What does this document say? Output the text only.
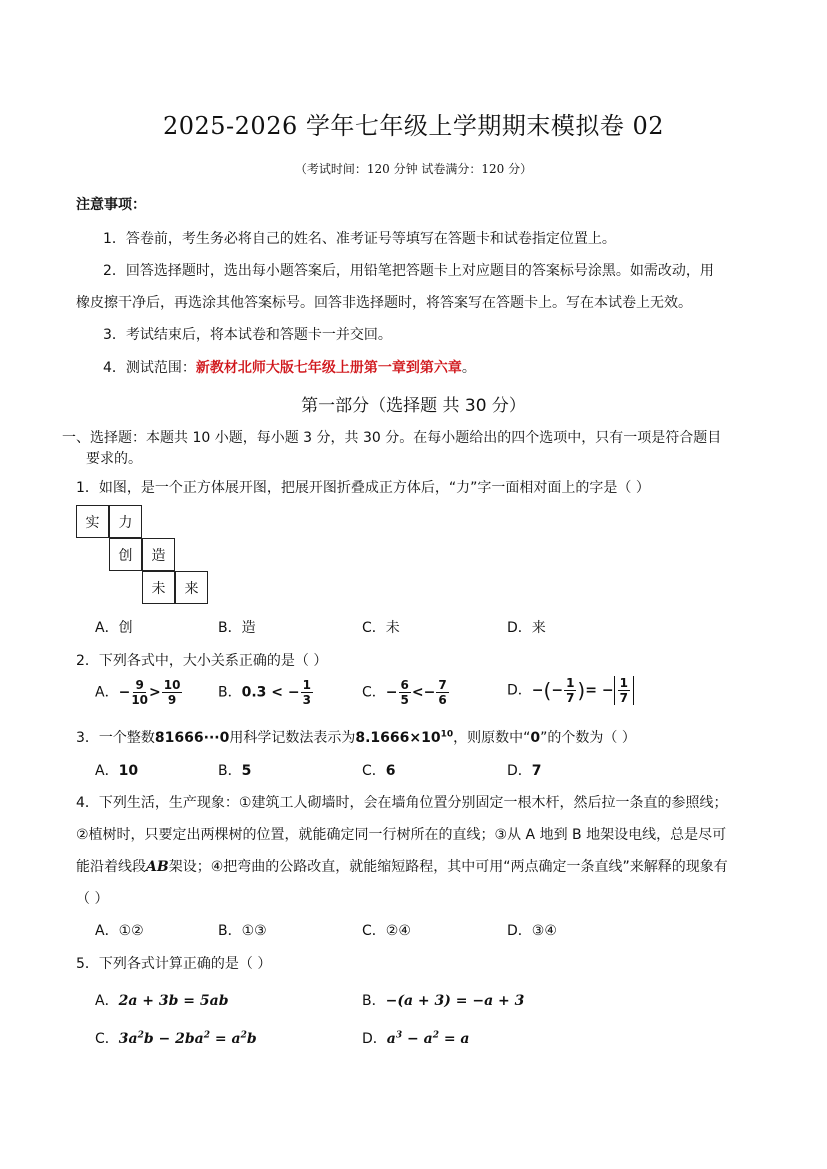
2025-2026 学年七年级上学期期末模拟卷 02
（考试时间：120 分钟 试卷满分：120 分）
注意事项：
1．答卷前，考生务必将自己的姓名、准考证号等填写在答题卡和试卷指定位置上。
2．回答选择题时，选出每小题答案后，用铅笔把答题卡上对应题目的答案标号涂黑。如需改动，用
橡皮擦干净后，再选涂其他答案标号。回答非选择题时，将答案写在答题卡上。写在本试卷上无效。
3．考试结束后，将本试卷和答题卡一并交回。
4．测试范围：新教材北师大版七年级上册第一章到第六章。
第一部分（选择题 共 30 分）
一、选择题：本题共 10 小题，每小题 3 分，共 30 分。在每小题给出的四个选项中，只有一项是符合题目
要求的。
1．如图，是一个正方体展开图，把展开图折叠成正方体后，“力”字一面相对面上的字是（ ）
实	力
创	造
未	来
A．创	B．造	C．未	D．来
2．下列各式中，大小关系正确的是（ ）
A．− $\frac{9}{10} > \frac{10}{9}$	B．0.3 < − $\frac{1}{3}$	C．− $\frac{6}{5} <- \frac{7}{6}$	D．−(− $\frac{1}{7}$ )= − $\frac{1}{7}$
3．一个整数81666···0用科学记数法表示为$8.1666\times 10^{10}$，则原数中“0”的个数为（ ）
A．10	B．5	C．6	D．7
4．下列生活，生产现象：①建筑工人砌墙时，会在墙角位置分别固定一根木杆，然后拉一条直的参照线；
②植树时，只要定出两棵树的位置，就能确定同一行树所在的直线；③从 A 地到 B 地架设电线，总是尽可
能沿着线段AB架设；④把弯曲的公路改直，就能缩短路程，其中可用“两点确定一条直线”来解释的现象有
（ ）
A．①②	B．①③	C．②④	D．③④
5．下列各式计算正确的是（ ）
A．2a + 3b = 5ab	B．−(a + 3) = −a + 3
C．$3a^2b - 2ba^2 = a^2b$	D．$a^3 - a^2 = a$
